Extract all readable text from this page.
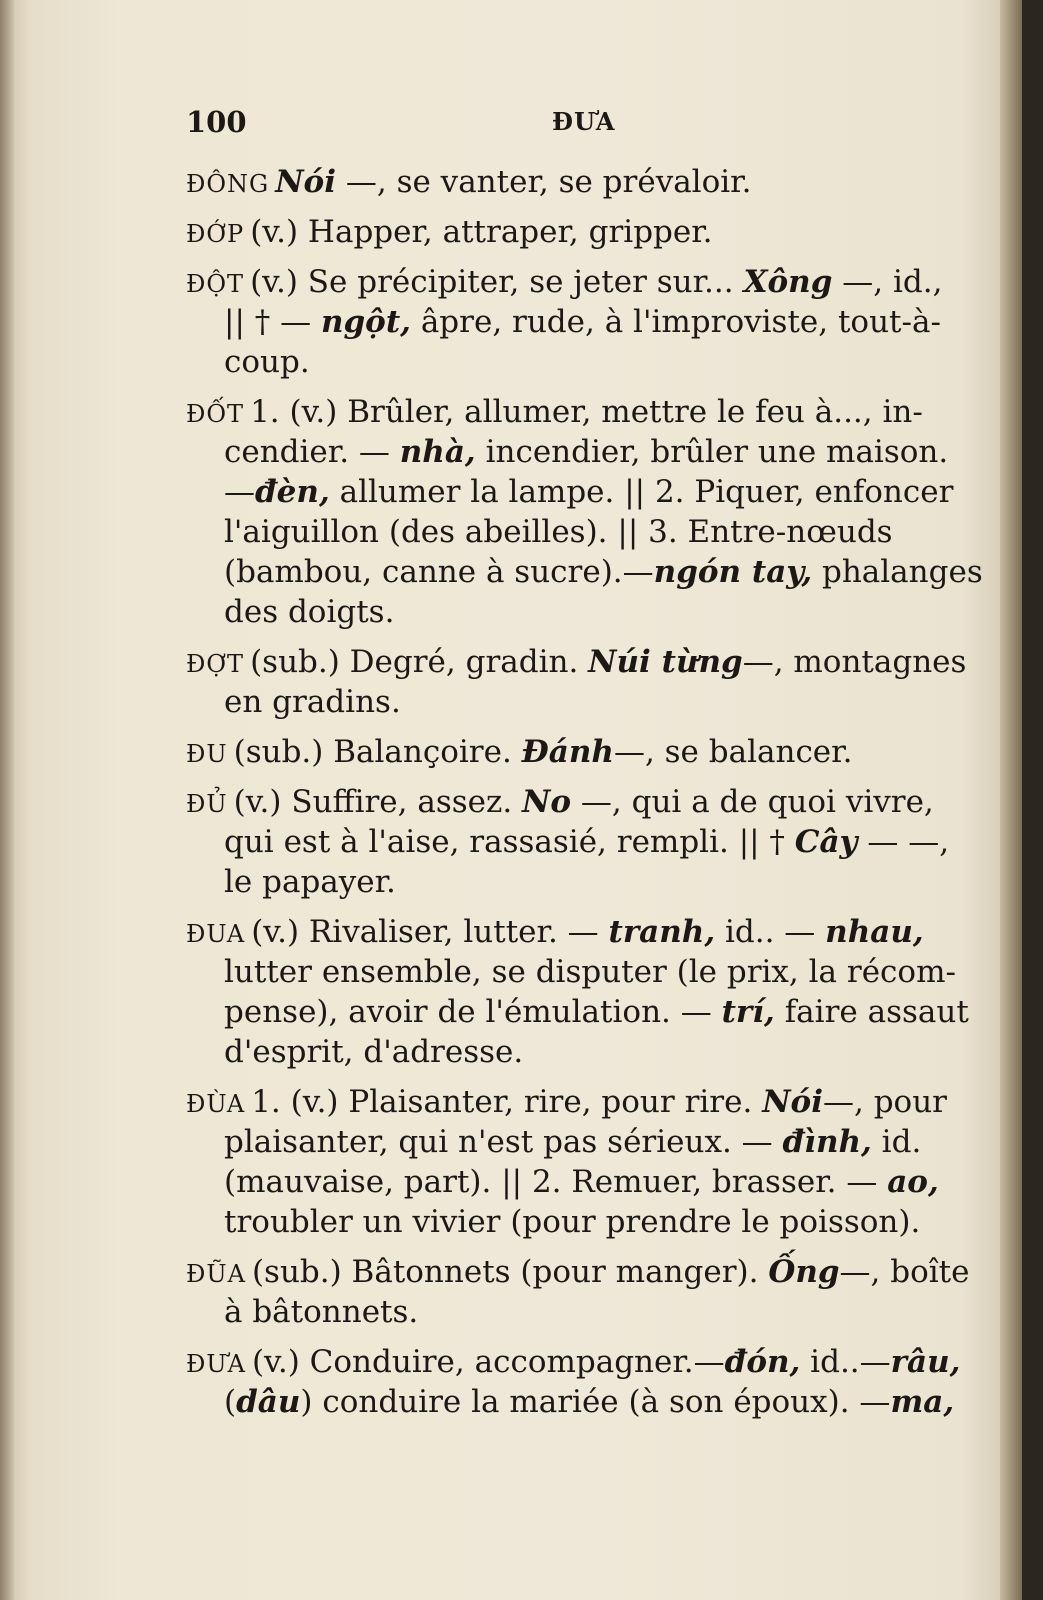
100	ĐƯA
ĐÔNG Nói —, se vanter, se prévaloir.
ĐỚP (v.) Happer, attraper, gripper.
ĐỘT (v.) Se précipiter, se jeter sur... Xông —, id.,
|| † — ngột, âpre, rude, à l'improviste, tout-à-
coup.
ĐỐT 1. (v.) Brûler, allumer, mettre le feu à..., in-
cendier. — nhà, incendier, brûler une maison.
—đèn, allumer la lampe. || 2. Piquer, enfoncer
l'aiguillon (des abeilles). || 3. Entre-nœuds
(bambou, canne à sucre).—ngón tay, phalanges
des doigts.
ĐỢT (sub.) Degré, gradin. Núi từng—, montagnes
en gradins.
ĐU (sub.) Balançoire. Đánh—, se balancer.
ĐỦ (v.) Suffire, assez. No —, qui a de quoi vivre,
qui est à l'aise, rassasié, rempli. || † Cây — —,
le papayer.
ĐUA (v.) Rivaliser, lutter. — tranh, id.. — nhau,
lutter ensemble, se disputer (le prix, la récom-
pense), avoir de l'émulation. — trí, faire assaut
d'esprit, d'adresse.
ĐÙA 1. (v.) Plaisanter, rire, pour rire. Nói—, pour
plaisanter, qui n'est pas sérieux. — đình, id.
(mauvaise, part). || 2. Remuer, brasser. — ao,
troubler un vivier (pour prendre le poisson).
ĐŨA (sub.) Bâtonnets (pour manger). Ống—, boîte
à bâtonnets.
ĐƯA (v.) Conduire, accompagner.—đón, id..—râu,
(dâu) conduire la mariée (à son époux). —ma,
